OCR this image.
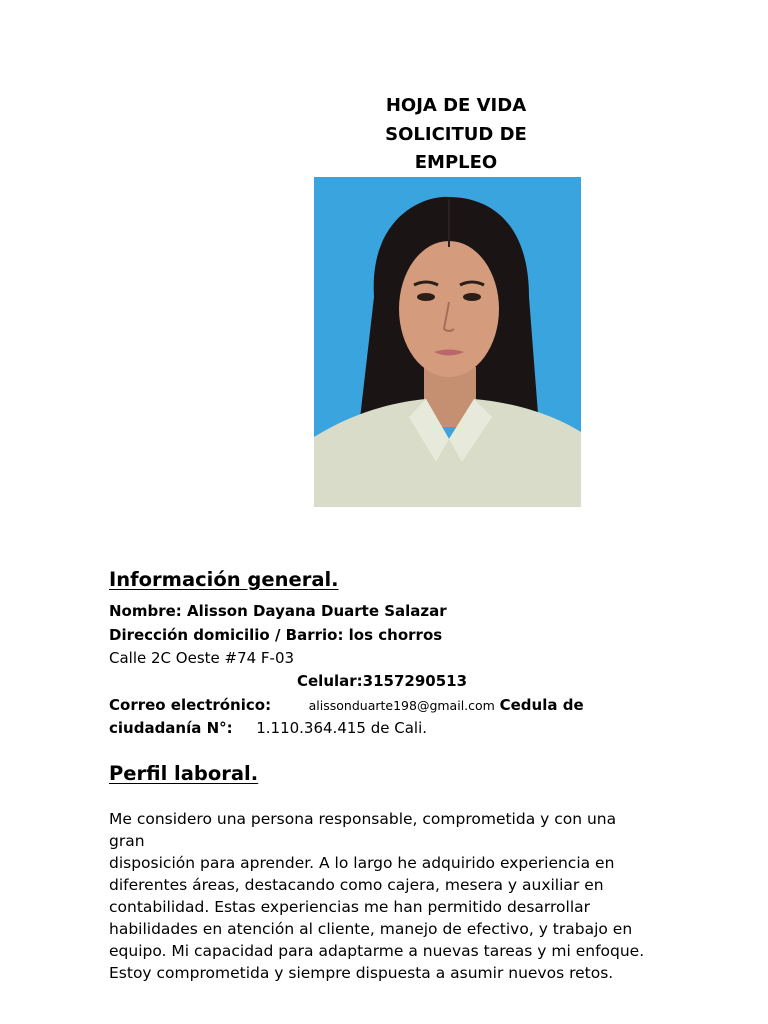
HOJA DE VIDA
SOLICITUD DE
EMPLEO
Información general.
Nombre: Alisson Dayana Duarte Salazar
Dirección domicilio / Barrio: los chorros
Calle 2C Oeste #74 F-03
Celular:3157290513
Correo electrónico:	alissonduarte198@gmail.com Cedula de
ciudadanía N°: 1.110.364.415 de Cali.
Perfil laboral.
Me considero una persona responsable, comprometida y con una gran
disposición para aprender. A lo largo he adquirido experiencia en
diferentes áreas, destacando como cajera, mesera y auxiliar en
contabilidad. Estas experiencias me han permitido desarrollar
habilidades en atención al cliente, manejo de efectivo, y trabajo en
equipo. Mi capacidad para adaptarme a nuevas tareas y mi enfoque.
Estoy comprometida y siempre dispuesta a asumir nuevos retos.
